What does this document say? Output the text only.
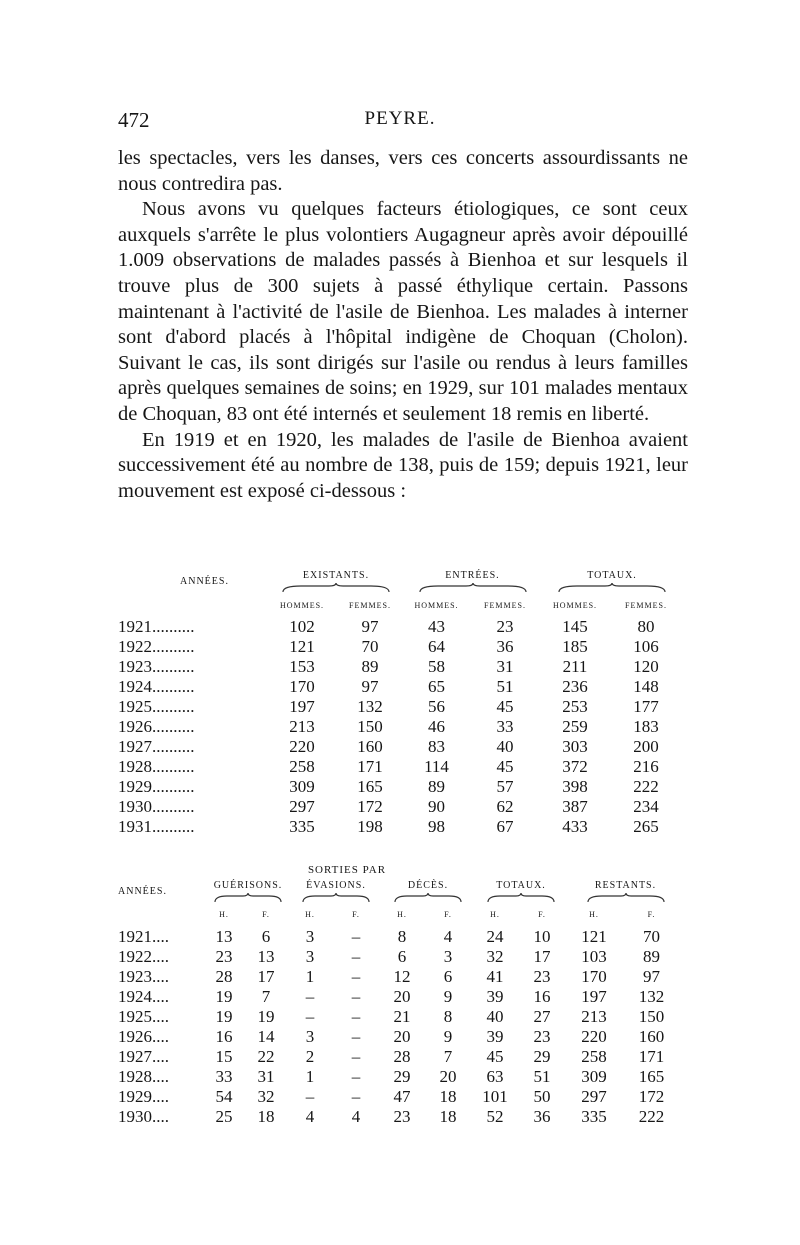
472	PEYRE.

les spectacles, vers les danses, vers ces concerts assourdissants ne nous contredira pas.

Nous avons vu quelques facteurs étiologiques, ce sont ceux auxquels s'arrête le plus volontiers Augagneur après avoir dépouillé 1.009 observations de malades passés à Bienhoa et sur lesquels il trouve plus de 300 sujets à passé éthylique certain. Passons maintenant à l'activité de l'asile de Bienhoa. Les malades à interner sont d'abord placés à l'hôpital indigène de Choquan (Cholon). Suivant le cas, ils sont dirigés sur l'asile ou rendus à leurs familles après quelques semaines de soins; en 1929, sur 101 malades mentaux de Choquan, 83 ont été internés et seulement 18 remis en liberté.

En 1919 et en 1920, les malades de l'asile de Bienhoa avaient successivement été au nombre de 138, puis de 159; depuis 1921, leur mouvement est exposé ci-dessous :

ANNÉES.	EXISTANTS.		ENTRÉES.		TOTAUX.	

	HOMMES.	FEMMES.	HOMMES.	FEMMES.	HOMMES.	FEMMES.
1921..........	102	97	43	23	145	80
1922..........	121	70	64	36	185	106
1923..........	153	89	58	31	211	120
1924..........	170	97	65	51	236	148
1925..........	197	132	56	45	253	177
1926..........	213	150	46	33	259	183
1927..........	220	160	83	40	303	200
1928..........	258	171	114	45	372	216
1929..........	309	165	89	57	398	222
1930..........	297	172	90	62	387	234
1931..........	335	198	98	67	433	265
	SORTIES PAR									
ANNÉES.	GUÉRISONS.		ÉVASIONS.		DÉCÈS.		TOTAUX.		RESTANTS.	

	H.	F.	H.	F.	H.	F.	H.	F.	H.	F.
1921....	13	6	3	–	8	4	24	10	121	70
1922....	23	13	3	–	6	3	32	17	103	89
1923....	28	17	1	–	12	6	41	23	170	97
1924....	19	7	–	–	20	9	39	16	197	132
1925....	19	19	–	–	21	8	40	27	213	150
1926....	16	14	3	–	20	9	39	23	220	160
1927....	15	22	2	–	28	7	45	29	258	171
1928....	33	31	1	–	29	20	63	51	309	165
1929....	54	32	–	–	47	18	101	50	297	172
1930....	25	18	4	4	23	18	52	36	335	222
